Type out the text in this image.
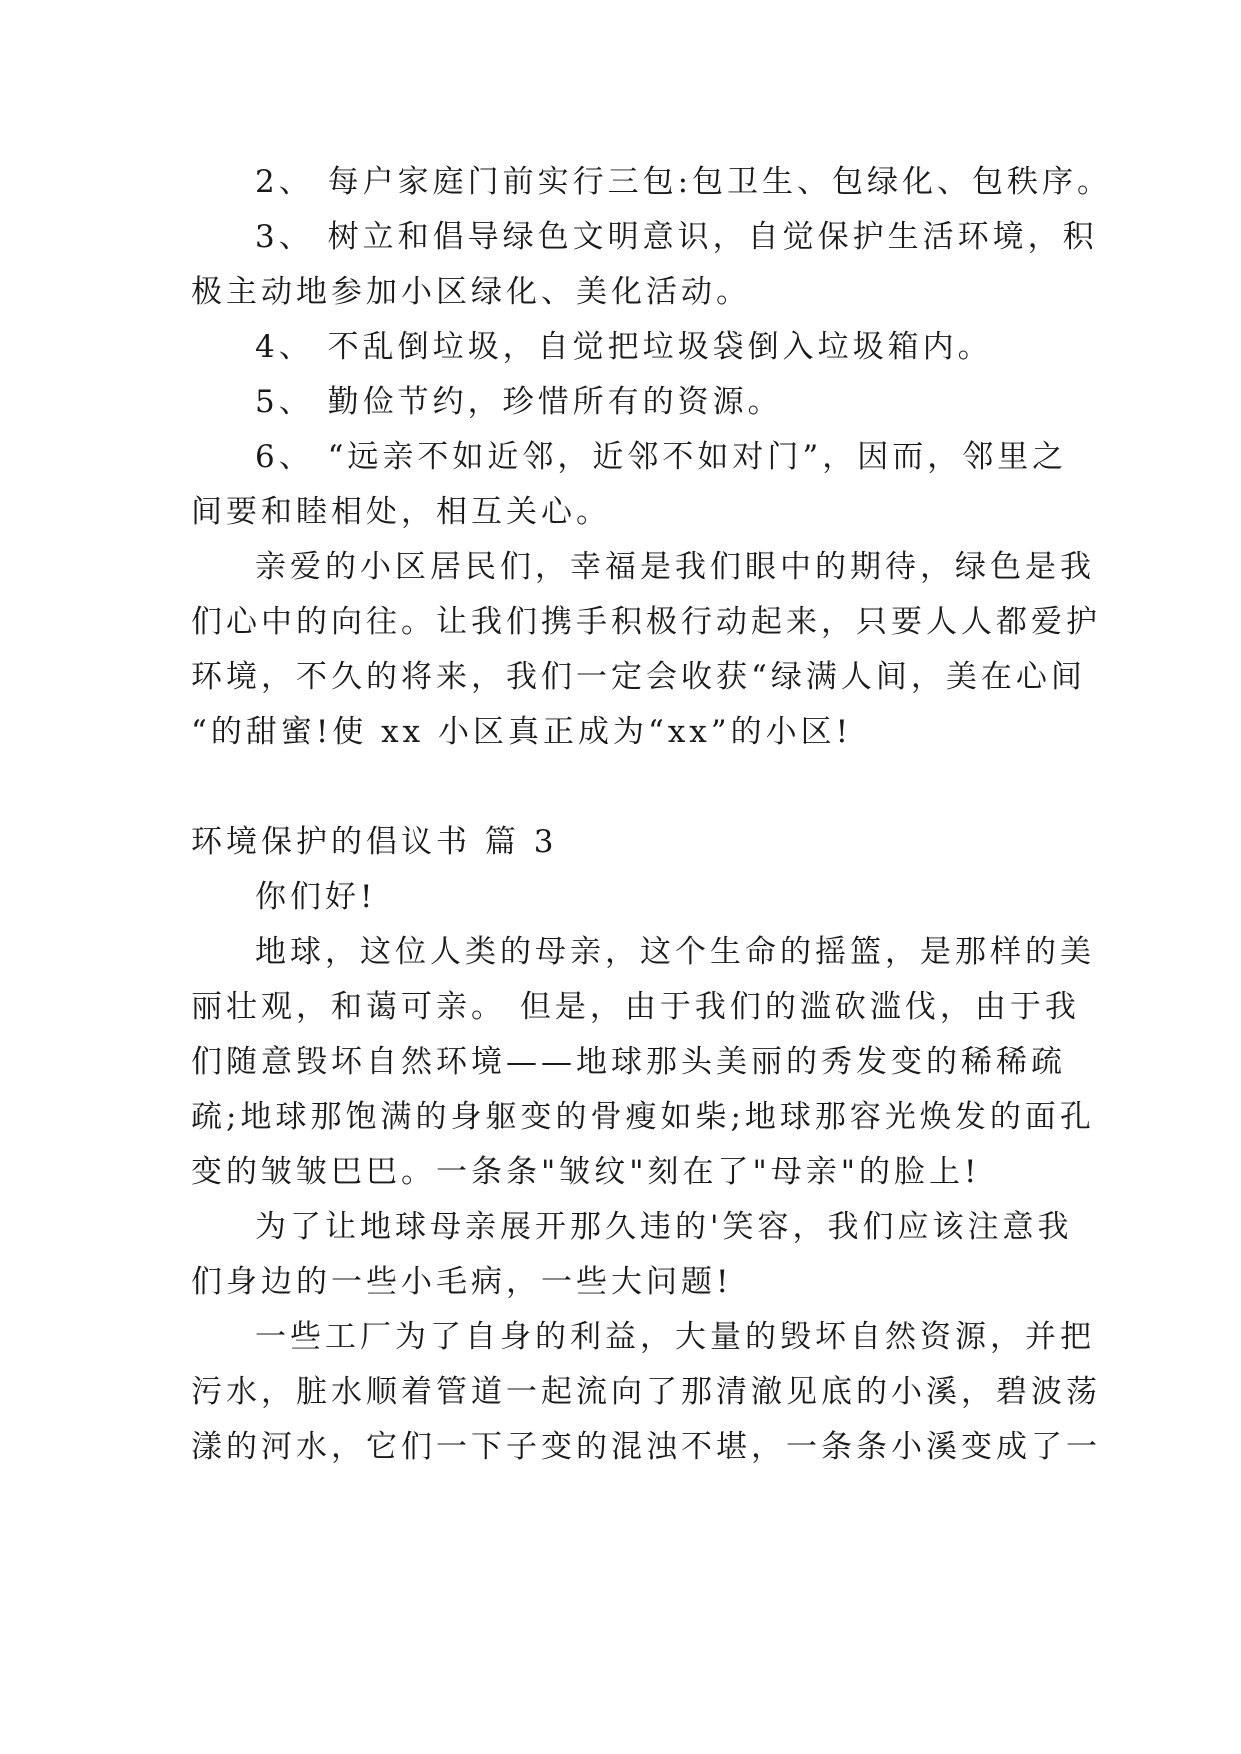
2、 每户家庭门前实行三包:包卫生、包绿化、包秩序。
3、 树立和倡导绿色文明意识，自觉保护生活环境，积
极主动地参加小区绿化、美化活动。
4、 不乱倒垃圾，自觉把垃圾袋倒入垃圾箱内。
5、 勤俭节约，珍惜所有的资源。
6、 “远亲不如近邻，近邻不如对门”，因而，邻里之
间要和睦相处，相互关心。
亲爱的小区居民们，幸福是我们眼中的期待，绿色是我
们心中的向往。让我们携手积极行动起来，只要人人都爱护
环境，不久的将来，我们一定会收获“绿满人间，美在心间
“的甜蜜!使 xx 小区真正成为“xx”的小区!
环境保护的倡议书 篇 3
你们好!
地球，这位人类的母亲，这个生命的摇篮，是那样的美
丽壮观，和蔼可亲。 但是，由于我们的滥砍滥伐，由于我
们随意毁坏自然环境——地球那头美丽的秀发变的稀稀疏
疏;地球那饱满的身躯变的骨瘦如柴;地球那容光焕发的面孔
变的皱皱巴巴。一条条"皱纹"刻在了"母亲"的脸上!
为了让地球母亲展开那久违的'笑容，我们应该注意我
们身边的一些小毛病，一些大问题!
一些工厂为了自身的利益，大量的毁坏自然资源，并把
污水，脏水顺着管道一起流向了那清澈见底的小溪，碧波荡
漾的河水，它们一下子变的混浊不堪，一条条小溪变成了一
